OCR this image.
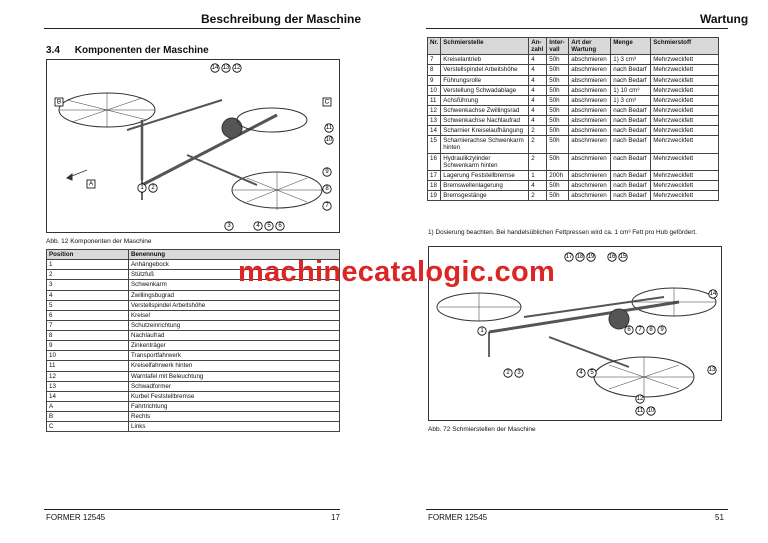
Beschreibung der Maschine
3.4 Komponenten der Maschine
B	C
A
14 13 12
11
10
9
8
7
1 2
3	4 5 6
Abb. 12 Komponenten der Maschine
Position	Benennung
1	Anhängebock
2	Stützfuß
3	Schwenkarm
4	Zwillingsbugrad
5	Verstellspindel Arbeitshöhe
6	Kreisel
7	Schutzeinrichtung
8	Nachlaufrad
9	Zinkenträger
10	Transportfahrwerk
11	Kreiselfahrwerk hinten
12	Warntafel mit Beleuchtung
13	Schwadformer
14	Kurbel Feststellbremse
A	Fahrtrichtung
B	Rechts
C	Links
FORMER 12545	17
Wartung
Nr.	Schmierstelle	An-zahl	Inter-vall	Art der Wartung	Menge	Schmierstoff
7	Kreiselantrieb	4	50h	abschmieren	1) 3 cm³	Mehrzweckfett
8	Verstellspindel Arbeitshöhe	4	50h	abschmieren	nach Bedarf	Mehrzweckfett
9	Führungsrolle	4	50h	abschmieren	nach Bedarf	Mehrzweckfett
10	Verstellung Schwadablage	4	50h	abschmieren	1) 10 cm³	Mehrzweckfett
11	Achsführung	4	50h	abschmieren	1) 3 cm³	Mehrzweckfett
12	Schwenkachse Zwillingsrad	4	50h	abschmieren	nach Bedarf	Mehrzweckfett
13	Schwenkachse Nachlaufrad	4	50h	abschmieren	nach Bedarf	Mehrzweckfett
14	Scharnier Kreiselaufhängung	2	50h	abschmieren	nach Bedarf	Mehrzweckfett
15	Scharnierachse Schwenkarm hinten	2	50h	abschmieren	nach Bedarf	Mehrzweckfett
16	Hydraulikzylinder Schwenkarm hinten	2	50h	abschmieren	nach Bedarf	Mehrzweckfett
17	Lagerung Feststellbremse	1	200h	abschmieren	nach Bedarf	Mehrzweckfett
18	Bremswellenlagerung	4	50h	abschmieren	nach Bedarf	Mehrzweckfett
19	Bremsgestänge	2	50h	abschmieren	nach Bedarf	Mehrzweckfett
17 18 19 16 15
14
1	6 7 8 9
2 3	4 5	13
12
11 10
Abb. 72 Schmierstellen der Maschine
FORMER 12545	51
1) Dosierung beachten. Bei handelsüblichen Fettpressen wird ca. 1 cm³ Fett pro Hub gefördert.
machinecatalogic.com
